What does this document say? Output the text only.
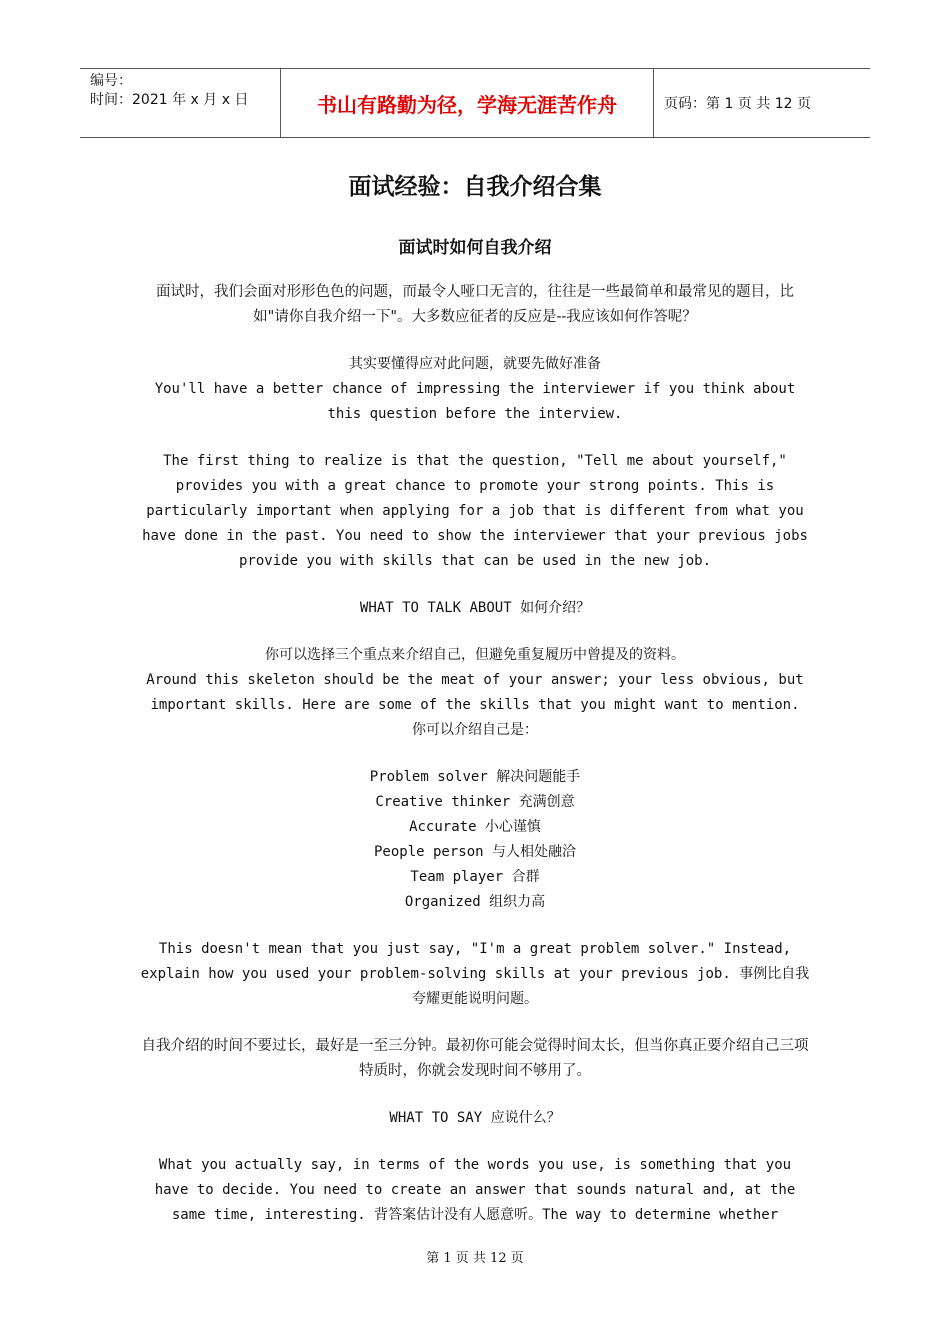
编号：
时间：2021 年 x 月 x 日	书山有路勤为径，学海无涯苦作舟	页码：第 1 页 共 12 页
面试经验：自我介绍合集
面试时如何自我介绍

面试时，我们会面对形形色色的问题，而最令人哑口无言的，往往是一些最简单和最常见的题目，比如"请你自我介绍一下"。大多数应征者的反应是--我应该如何作答呢？

其实要懂得应对此问题，就要先做好准备
You'll have a better chance of impressing the interviewer if you think about this question before the interview.

The first thing to realize is that the question, "Tell me about yourself," provides you with a great chance to promote your strong points. This is particularly important when applying for a job that is different from what you have done in the past. You need to show the interviewer that your previous jobs provide you with skills that can be used in the new job.

WHAT TO TALK ABOUT 如何介绍？

你可以选择三个重点来介绍自己，但避免重复履历中曾提及的资料。
Around this skeleton should be the meat of your answer; your less obvious, but important skills. Here are some of the skills that you might want to mention.
你可以介绍自己是：

Problem solver 解决问题能手
Creative thinker 充满创意
Accurate 小心谨慎
People person 与人相处融洽
Team player 合群
Organized 组织力高

This doesn't mean that you just say, "I'm a great problem solver." Instead, explain how you used your problem-solving skills at your previous job. 事例比自我夸耀更能说明问题。

自我介绍的时间不要过长，最好是一至三分钟。最初你可能会觉得时间太长，但当你真正要介绍自己三项特质时，你就会发现时间不够用了。

WHAT TO SAY 应说什么？

What you actually say, in terms of the words you use, is something that you have to decide. You need to create an answer that sounds natural and, at the same time, interesting. 背答案估计没有人愿意听。The way to determine whether

第 1 页 共 12 页
